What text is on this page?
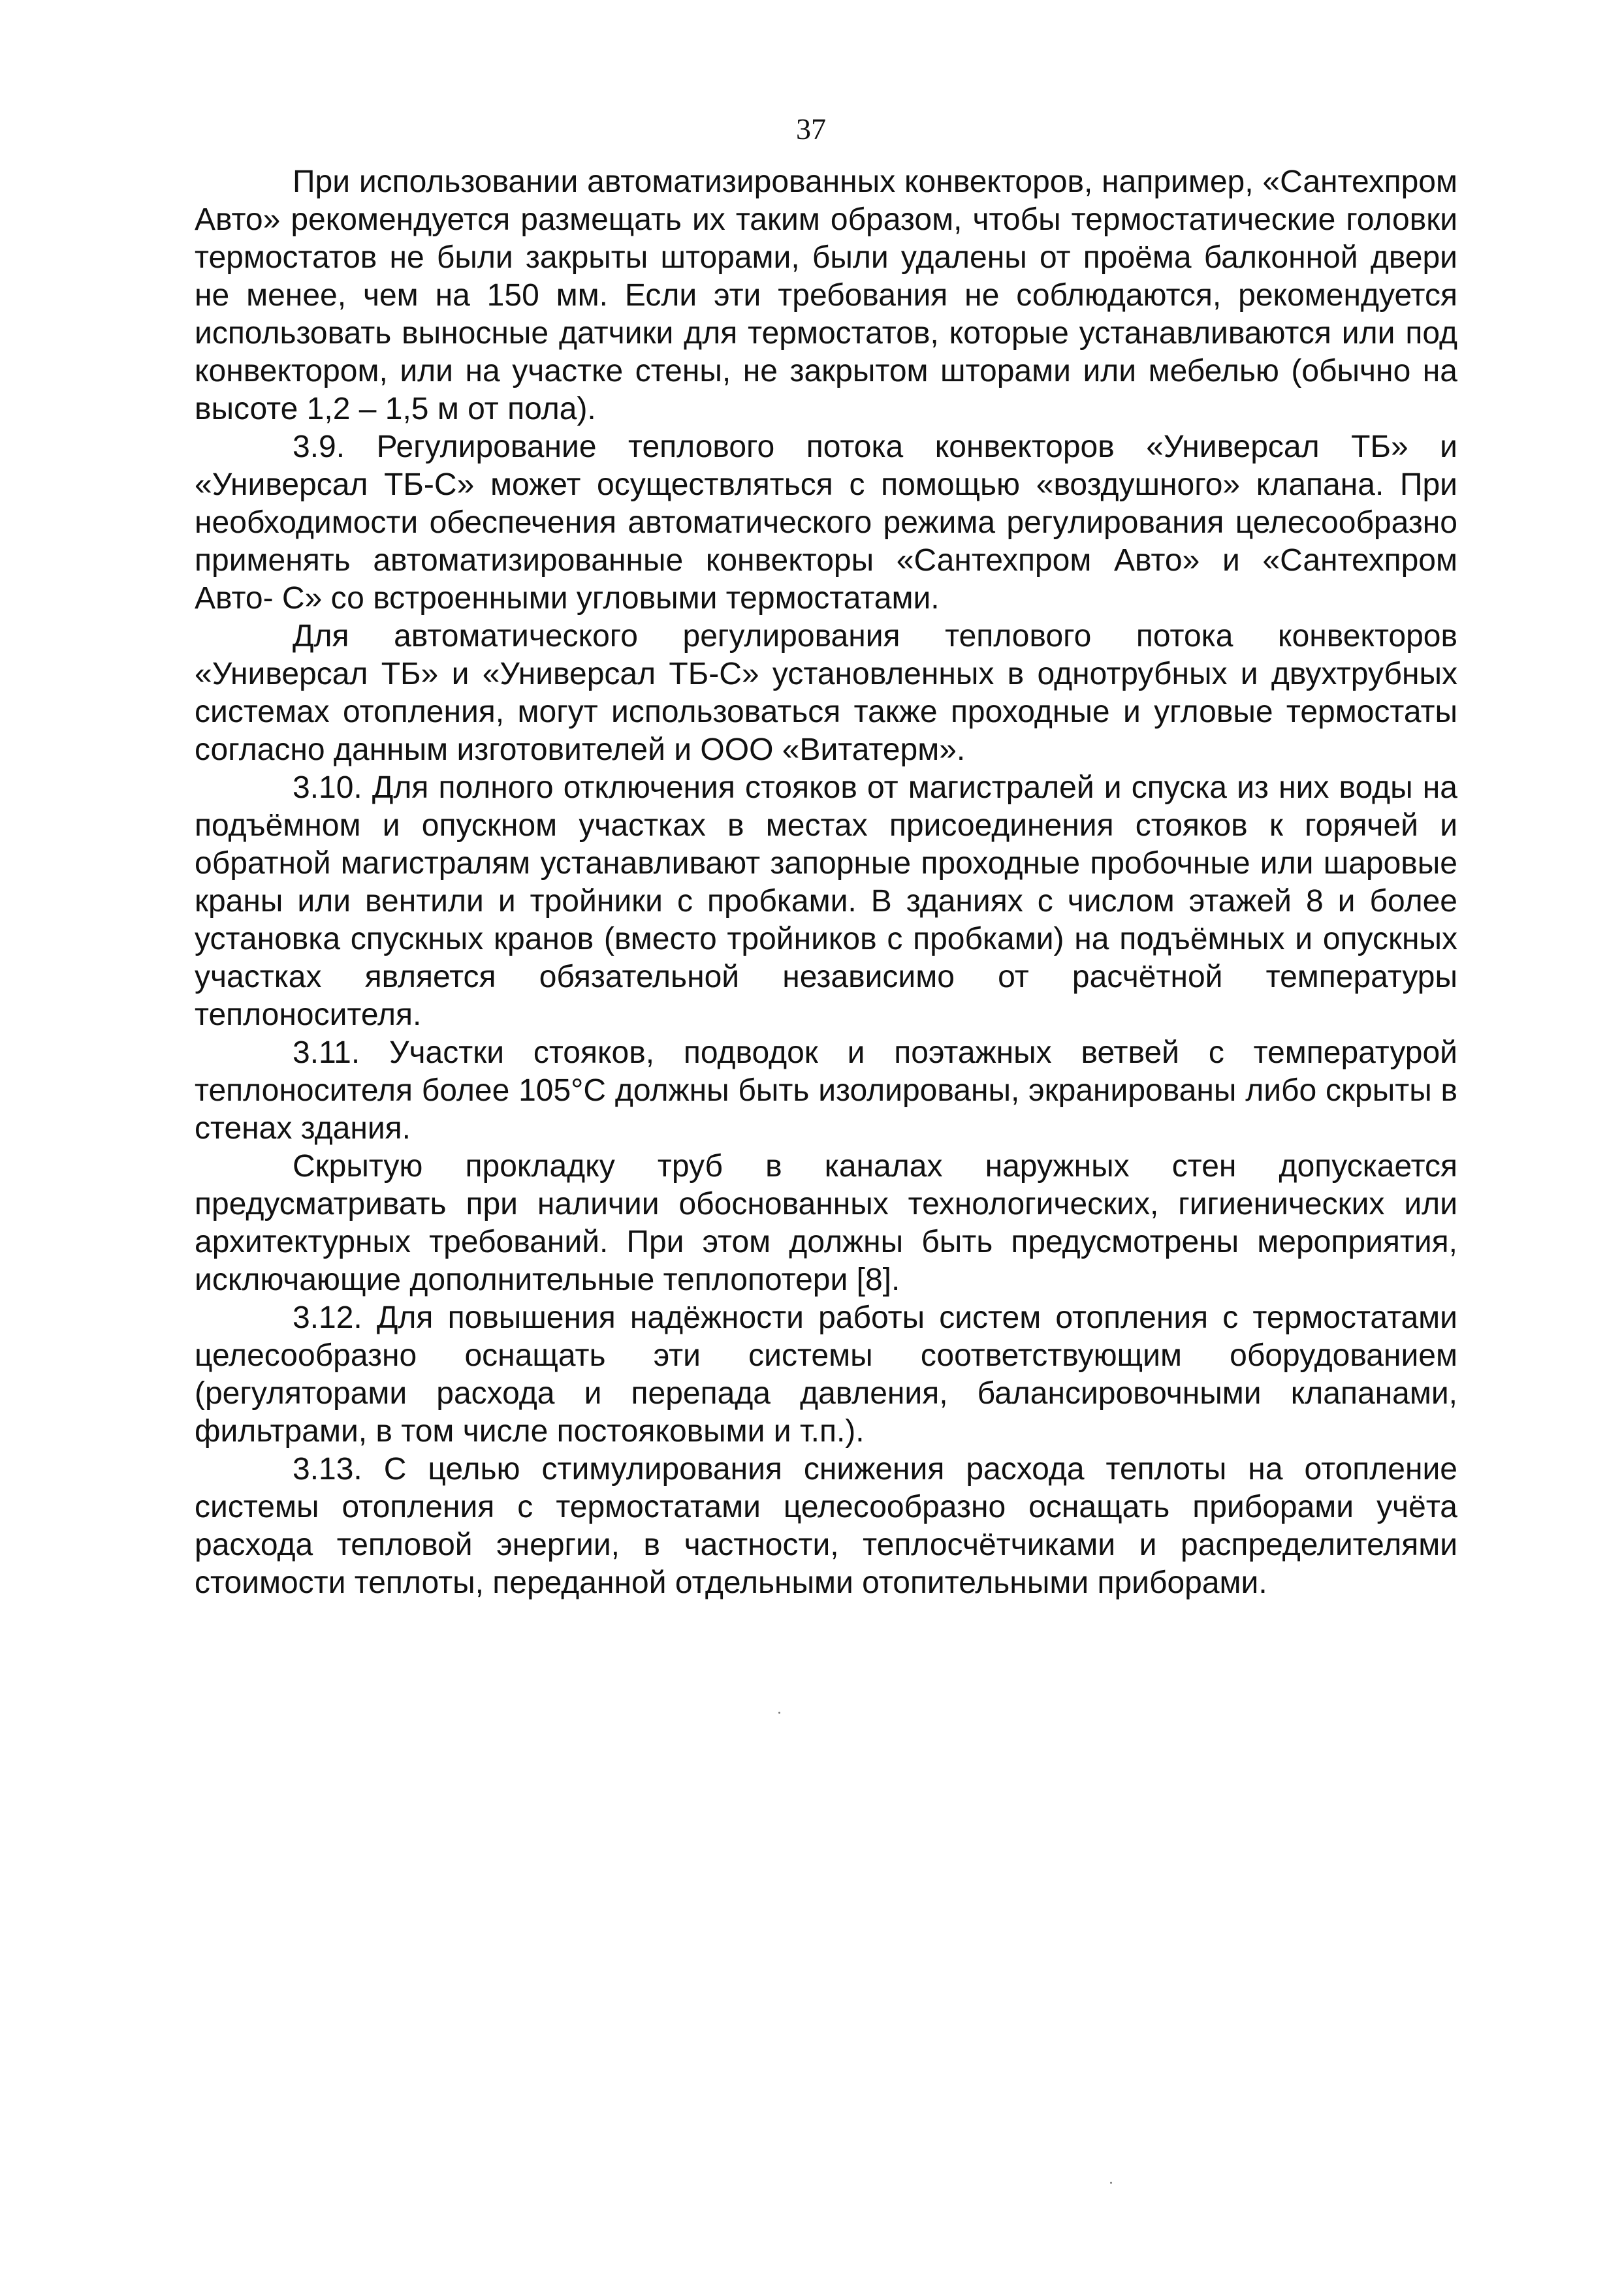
37

При использовании автоматизированных конвекторов, например, «Сантехпром Авто» рекомендуется размещать их таким образом, чтобы термостатические головки термостатов не были закрыты шторами, были удалены от проёма балконной двери не менее, чем на 150 мм. Если эти требования не соблюдаются, рекомендуется использовать выносные датчики для термостатов, которые устанавливаются или под конвектором, или на участке стены, не закрытом шторами или мебелью (обычно на высоте 1,2 – 1,5 м от пола).

3.9. Регулирование теплового потока конвекторов «Универсал ТБ» и «Универсал ТБ-С» может осуществляться с помощью «воздушного» клапана. При необходимости обеспечения автоматического режима регулирования целесообразно применять автоматизированные конвекторы «Сантехпром Авто» и «Сантехпром Авто- С» со встроенными угловыми термостатами.

Для автоматического регулирования теплового потока конвекторов «Универсал ТБ» и «Универсал ТБ-С» установленных в однотрубных и двухтрубных системах отопления, могут использоваться также проходные и угловые термостаты согласно данным изготовителей и ООО «Витатерм».

3.10. Для полного отключения стояков от магистралей и спуска из них воды на подъёмном и опускном участках в местах присоединения стояков к горячей и обратной магистралям устанавливают запорные проходные пробочные или шаровые краны или вентили и тройники с пробками. В зданиях с числом этажей 8 и более установка спускных кранов (вместо тройников с пробками) на подъёмных и опускных участках является обязательной независимо от расчётной температуры теплоносителя.

3.11. Участки стояков, подводок и поэтажных ветвей с температурой теплоносителя более 105°С должны быть изолированы, экранированы либо скрыты в стенах здания.

Скрытую прокладку труб в каналах наружных стен допускается предусматривать при наличии обоснованных технологических, гигиенических или архитектурных требований. При этом должны быть предусмотрены мероприятия, исключающие дополнительные теплопотери [8].

3.12. Для повышения надёжности работы систем отопления с термостатами целесообразно оснащать эти системы соответствующим оборудованием (регуляторами расхода и перепада давления, балансировочными клапанами, фильтрами, в том числе постояковыми и т.п.).

3.13. С целью стимулирования снижения расхода теплоты на отопление системы отопления с термостатами целесообразно оснащать приборами учёта расхода тепловой энергии, в частности, теплосчётчиками и распределителями стоимости теплоты, переданной отдельными отопительными приборами.
